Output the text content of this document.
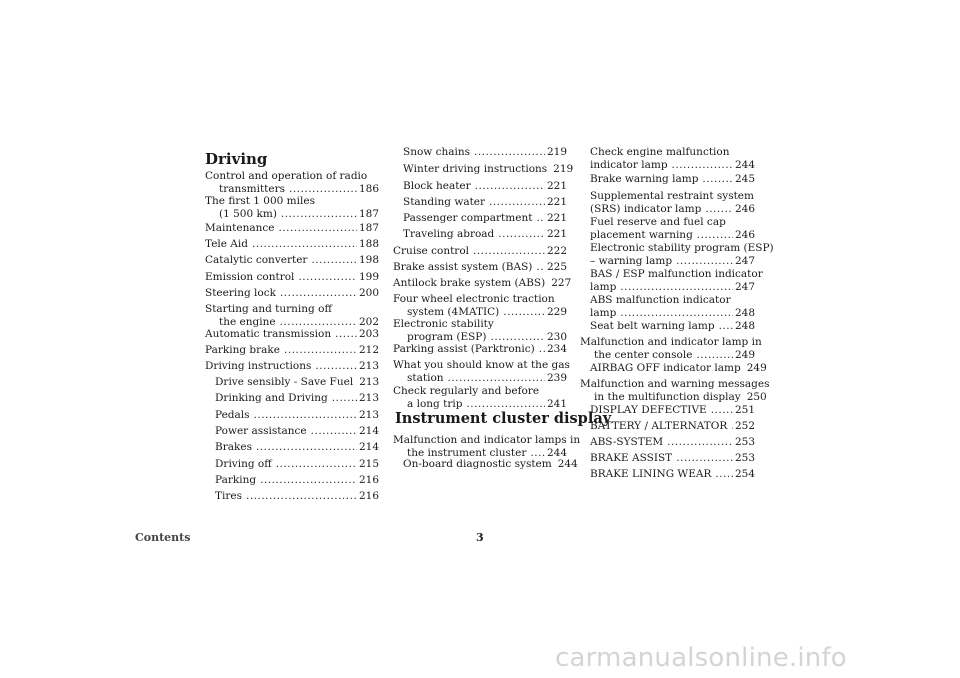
Driving
Control and operation of radio
transmitters .....	186
The first 1 000 miles
(1 500 km) .....	187
Maintenance .....	187
Tele Aid .....	188
Catalytic converter .....	198
Emission control .....	199
Steering lock .....	200
Starting and turning off
the engine .....	202
Automatic transmission .....	203
Parking brake .....	212
Driving instructions .....	213
Drive sensibly - Save Fuel 213
Drinking and Driving .....	213
Pedals .....	213
Power assistance .....	214
Brakes .....	214
Driving off .....	215
Parking .....	216
Tires .....	216
Snow chains .....	219
Winter driving instructions 219
Block heater .....	221
Standing water .....	221
Passenger compartment ..... 221
Traveling abroad .....	221
Cruise control .....	222
Brake assist system (BAS) ..... 225
Antilock brake system (ABS) 227
Four wheel electronic traction
system (4MATIC) .....	229
Electronic stability
program (ESP) .....	230
Parking assist (Parktronic) ..... 234
What you should know at the gas
station .....	239
Check regularly and before
a long trip .....	241
Instrument cluster display
Malfunction and indicator lamps in
the instrument cluster ..... 244
On-board diagnostic system 244
Check engine malfunction
indicator lamp .....	244
Brake warning lamp .....	245
Supplemental restraint system
(SRS) indicator lamp .....	246
Fuel reserve and fuel cap
placement warning .....	246
Electronic stability program (ESP)
– warning lamp .....	247
BAS / ESP malfunction indicator
lamp .....	247
ABS malfunction indicator
lamp .....	248
Seat belt warning lamp ..... 248
Malfunction and indicator lamp in
the center console .....	249
AIRBAG OFF indicator lamp 249
Malfunction and warning messages
in the multifunction display 250
DISPLAY DEFECTIVE .....	251
BATTERY / ALTERNATOR ..... 252
ABS-SYSTEM .....	253
BRAKE ASSIST .....	253
BRAKE LINING WEAR ..... 254
Contents	3
carmanualsonline.info
